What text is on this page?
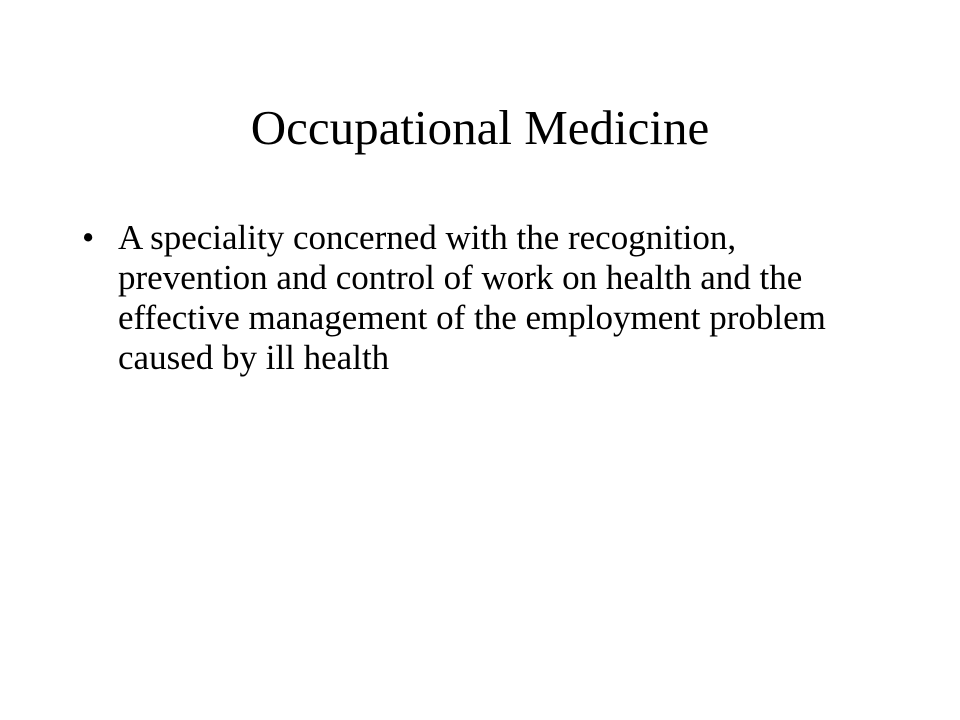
Occupational Medicine
• A speciality concerned with the recognition, prevention and control of work on health and the effective management of the employment problem caused by ill health
